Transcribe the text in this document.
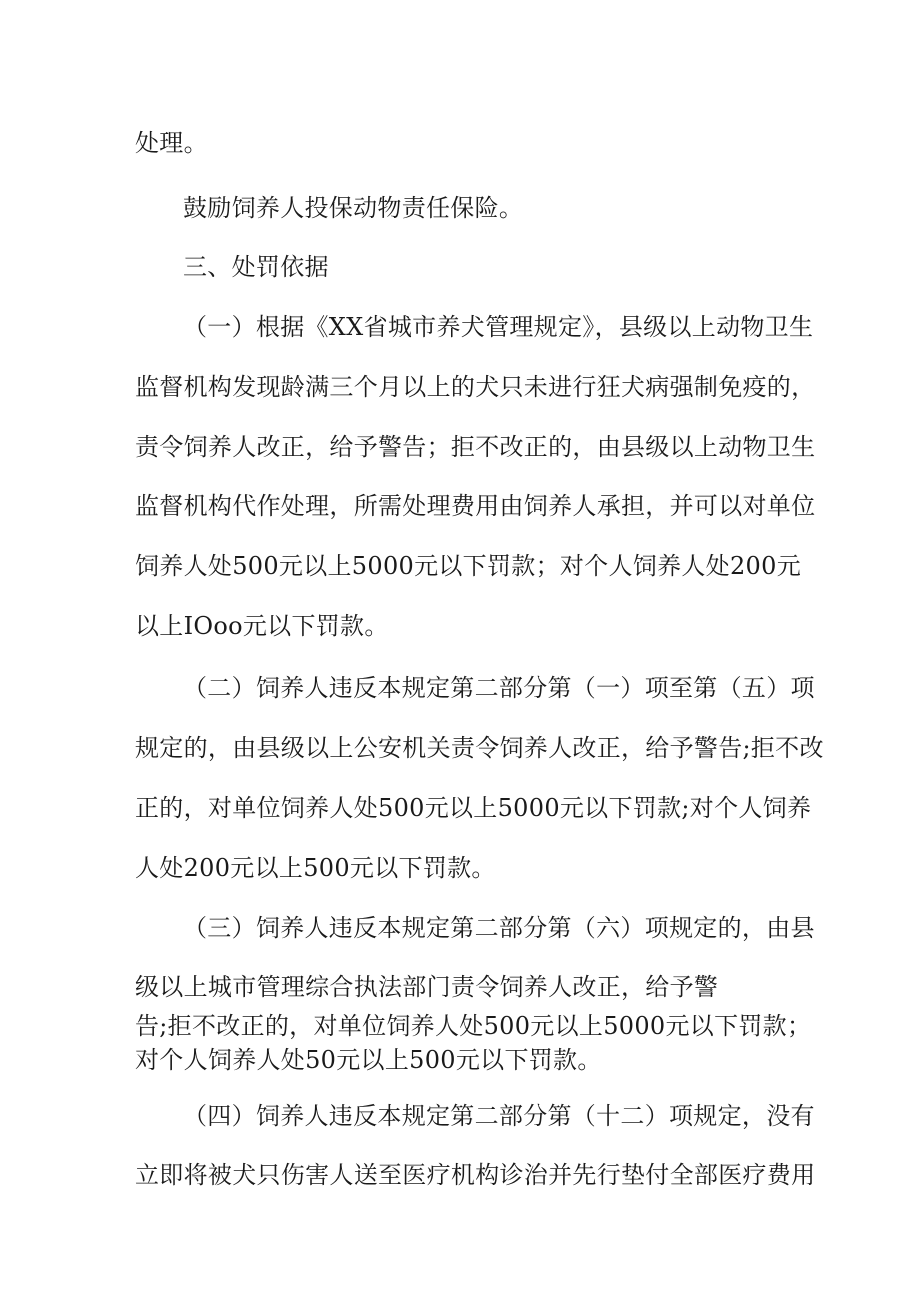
处理。
鼓励饲养人投保动物责任保险。
三、处罚依据
（一）根据《XX省城市养犬管理规定》，县级以上动物卫生
监督机构发现龄满三个月以上的犬只未进行狂犬病强制免疫的，
责令饲养人改正，给予警告；拒不改正的，由县级以上动物卫生
监督机构代作处理，所需处理费用由饲养人承担，并可以对单位
饲养人处500元以上5000元以下罚款；对个人饲养人处200元
以上IOoo元以下罚款。
（二）饲养人违反本规定第二部分第（一）项至第（五）项
规定的，由县级以上公安机关责令饲养人改正，给予警告;拒不改
正的，对单位饲养人处500元以上5000元以下罚款;对个人饲养
人处200元以上500元以下罚款。
（三）饲养人违反本规定第二部分第（六）项规定的，由县
级以上城市管理综合执法部门责令饲养人改正，给予警
告;拒不改正的，对单位饲养人处500元以上5000元以下罚款；
对个人饲养人处50元以上500元以下罚款。
（四）饲养人违反本规定第二部分第（十二）项规定，没有
立即将被犬只伤害人送至医疗机构诊治并先行垫付全部医疗费用
